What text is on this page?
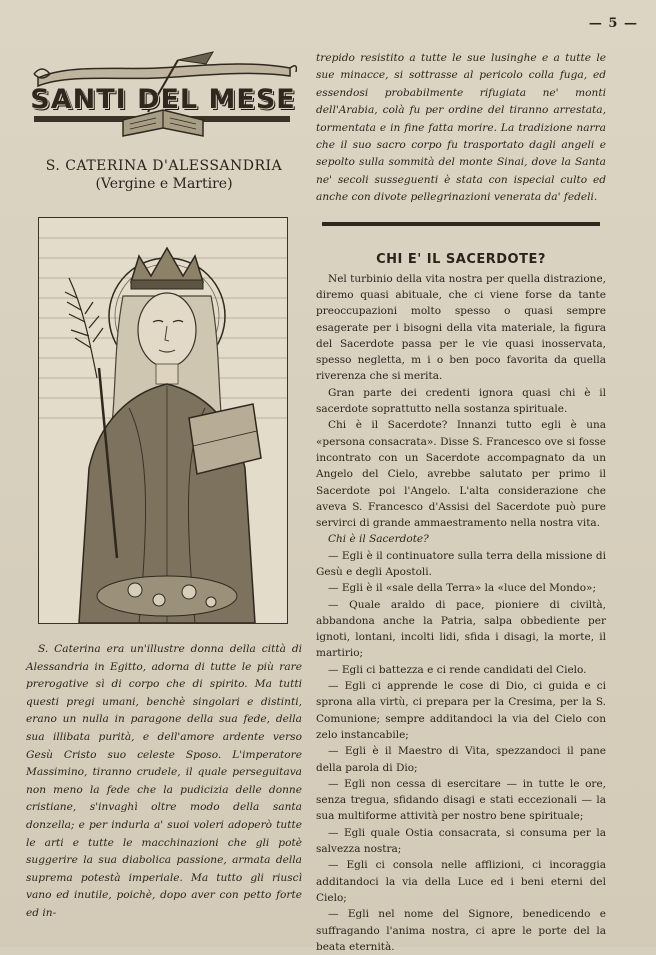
— 5 —
SANTI DEL MESE
S. CATERINA D'ALESSANDRIA
(Vergine e Martire)
S. Caterina era un'illustre donna della città di Alessandria in Egitto, adorna di tutte le più rare prerogative sì di corpo che di spirito. Ma tutti questi pregi umani, benchè singolari e distinti, erano un nulla in paragone della sua fede, della sua illibata purità, e dell'amore ardente verso Gesù Cristo suo celeste Sposo. L'imperatore Massimino, tiranno crudele, il quale perseguitava non meno la fede che la pudicizia delle donne cristiane, s'invaghì oltre modo della santa donzella; e per indurla a' suoi voleri adoperò tutte le arti e tutte le macchinazioni che gli potè suggerire la sua diabolica passione, armata della suprema potestà imperiale. Ma tutto gli riuscì vano ed inutile, poichè, dopo aver con petto forte ed in-
trepido resistito a tutte le sue lusinghe e a tutte le sue minacce, si sottrasse al pericolo colla fuga, ed essendosi probabilmente rifugiata ne' monti dell'Arabia, colà fu per ordine del tiranno arrestata, tormentata e in fine fatta morire. La tradizione narra che il suo sacro corpo fu trasportato dagli angeli e sepolto sulla sommità del monte Sinai, dove la Santa ne' secoli susseguenti è stata con ispecial culto ed anche con divote pellegrinazioni venerata da' fedeli.
CHI E' IL SACERDOTE?
Nel turbinio della vita nostra per quella distrazione, diremo quasi abituale, che ci viene forse da tante preoccupazioni molto spesso o quasi sempre esagerate per i bisogni della vita materiale, la figura del Sacerdote passa per le vie quasi inosservata, spesso negletta, m i o ben poco favorita da quella riverenza che si merita.
Gran parte dei credenti ignora quasi chi è il sacerdote soprattutto nella sostanza spirituale.
Chi è il Sacerdote? Innanzi tutto egli è una «persona consacrata». Disse S. Francesco ove si fosse incontrato con un Sacerdote accompagnato da un Angelo del Cielo, avrebbe salutato per primo il Sacerdote poi l'Angelo. L'alta considerazione che aveva S. Francesco d'Assisi del Sacerdote può pure servirci di grande ammaestramento nella nostra vita.
Chi è il Sacerdote?
— Egli è il continuatore sulla terra della missione di Gesù e degli Apostoli.
— Egli è il «sale della Terra» la «luce del Mondo»;
— Quale araldo di pace, pioniere di civiltà, abbandona anche la Patria, salpa obbediente per ignoti, lontani, incolti lidi, sfida i disagi, la morte, il martirio;
— Egli ci battezza e ci rende candidati del Cielo.
— Egli ci apprende le cose di Dio, ci guida e ci sprona alla virtù, ci prepara per la Cresima, per la S. Comunione; sempre additandoci la via del Cielo con zelo instancabile;
— Egli è il Maestro di Vita, spezzandoci il pane della parola di Dio;
— Egli non cessa di esercitare — in tutte le ore, senza tregua, sfidando disagi e stati eccezionali — la sua multiforme attività per nostro bene spirituale;
— Egli quale Ostia consacrata, si consuma per la salvezza nostra;
— Egli ci consola nelle afflizioni, ci incoraggia additandoci la via della Luce ed i beni eterni del Cielo;
— Egli nel nome del Signore, benedicendo e suffragando l'anima nostra, ci apre le porte del la beata eternità.
